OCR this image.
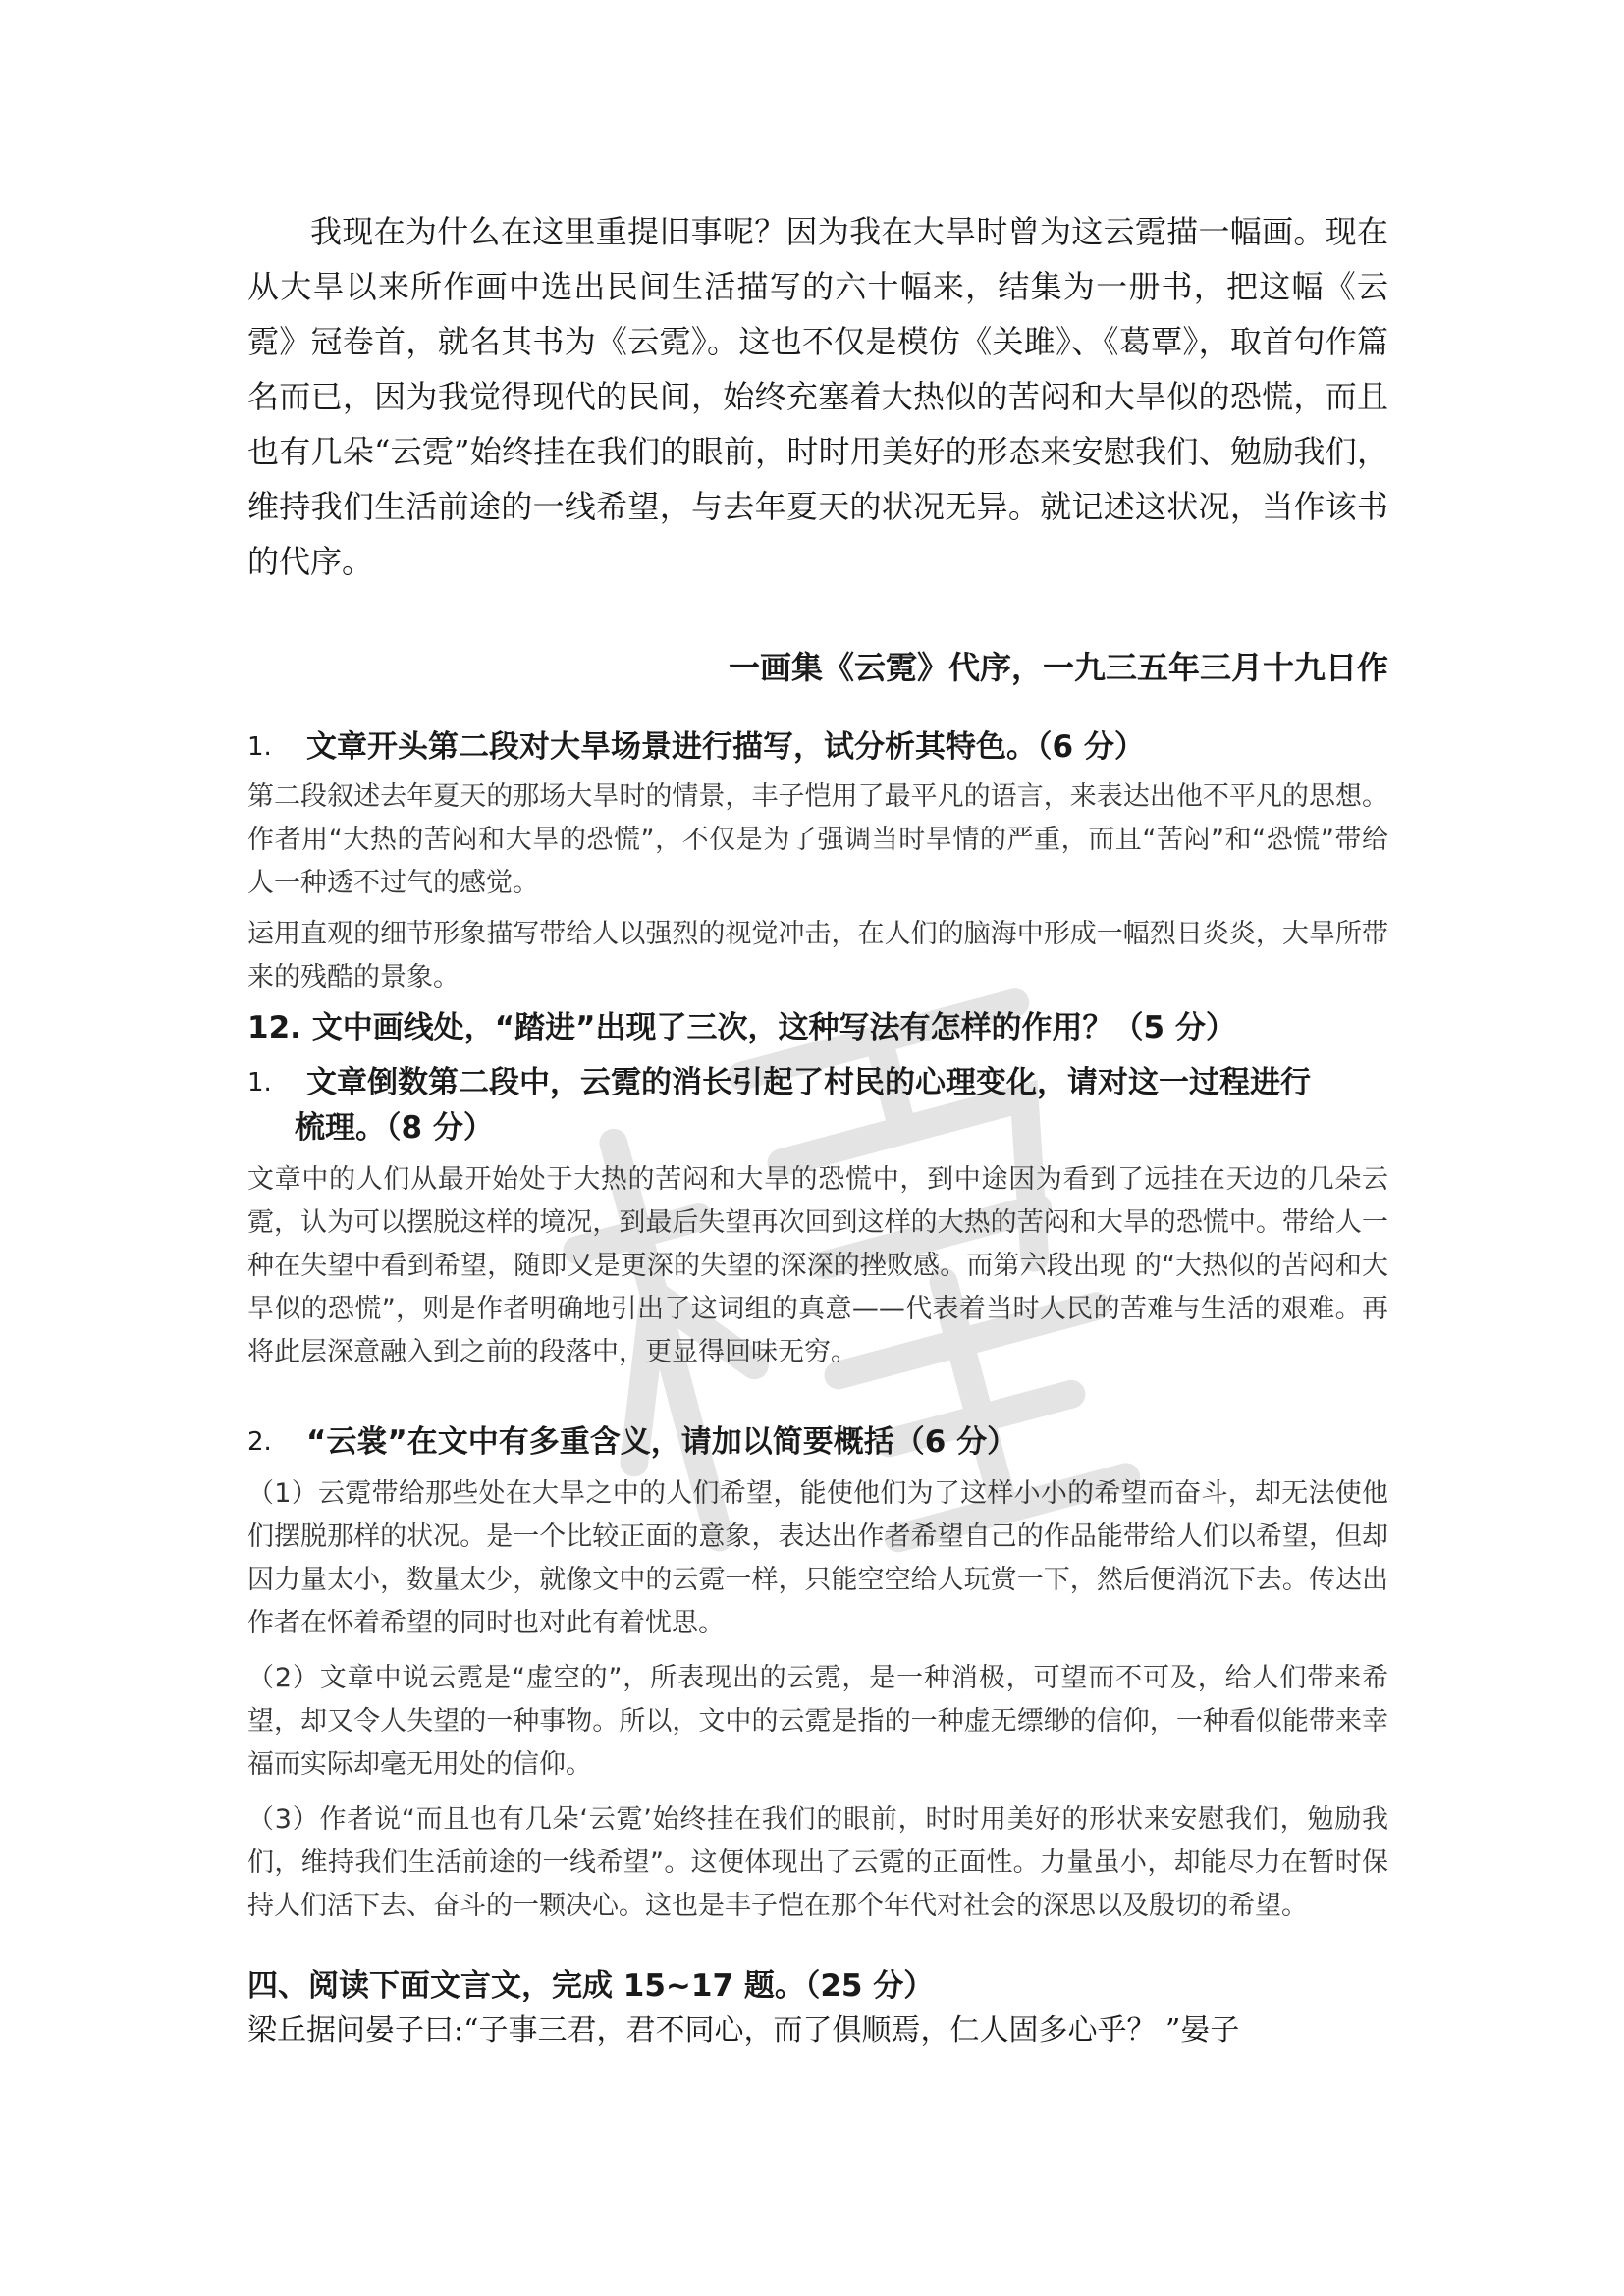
我现在为什么在这里重提旧事呢？因为我在大旱时曾为这云霓描一幅画。现在从大旱以来所作画中选出民间生活描写的六十幅来，结集为一册书，把这幅《云霓》冠卷首，就名其书为《云霓》。这也不仅是模仿《关雎》、《葛覃》，取首句作篇名而已，因为我觉得现代的民间，始终充塞着大热似的苦闷和大旱似的恐慌，而且也有几朵“云霓”始终挂在我们的眼前，时时用美好的形态来安慰我们、勉励我们，维持我们生活前途的一线希望，与去年夏天的状况无异。就记述这状况，当作该书的代序。
一画集《云霓》代序，一九三五年三月十九日作
1.	文章开头第二段对大旱场景进行描写，试分析其特色。（6 分）
第二段叙述去年夏天的那场大旱时的情景，丰子恺用了最平凡的语言，来表达出他不平凡的思想。作者用“大热的苦闷和大旱的恐慌”，不仅是为了强调当时旱情的严重，而且“苦闷”和“恐慌”带给人一种透不过气的感觉。
运用直观的细节形象描写带给人以强烈的视觉冲击，在人们的脑海中形成一幅烈日炎炎，大旱所带来的残酷的景象。
12. 文中画线处，“踏进”出现了三次，这种写法有怎样的作用？（5 分）
1.	文章倒数第二段中，云霓的消长引起了村民的心理变化，请对这一过程进行
梳理。（8 分）
文章中的人们从最开始处于大热的苦闷和大旱的恐慌中，到中途因为看到了远挂在天边的几朵云霓，认为可以摆脱这样的境况，到最后失望再次回到这样的大热的苦闷和大旱的恐慌中。带给人一种在失望中看到希望，随即又是更深的失望的深深的挫败感。而第六段出现 的“大热似的苦闷和大旱似的恐慌”，则是作者明确地引出了这词组的真意——代表着当时人民的苦难与生活的艰难。再将此层深意融入到之前的段落中，更显得回味无穷。
2.	“云裳”在文中有多重含义，请加以简要概括（6 分）
（1）云霓带给那些处在大旱之中的人们希望，能使他们为了这样小小的希望而奋斗，却无法使他们摆脱那样的状况。是一个比较正面的意象，表达出作者希望自己的作品能带给人们以希望，但却因力量太小，数量太少，就像文中的云霓一样，只能空空给人玩赏一下，然后便消沉下去。传达出作者在怀着希望的同时也对此有着忧思。
（2）文章中说云霓是“虚空的”，所表现出的云霓，是一种消极，可望而不可及，给人们带来希望，却又令人失望的一种事物。所以，文中的云霓是指的一种虚无缥缈的信仰，一种看似能带来幸福而实际却毫无用处的信仰。
（3）作者说“而且也有几朵‘云霓’始终挂在我们的眼前，时时用美好的形状来安慰我们，勉励我们，维持我们生活前途的一线希望”。这便体现出了云霓的正面性。力量虽小，却能尽力在暂时保持人们活下去、奋斗的一颗决心。这也是丰子恺在那个年代对社会的深思以及殷切的希望。
四、阅读下面文言文，完成 15~17 题。（25 分）
梁丘据问晏子曰:“子事三君，君不同心，而了俱顺焉，仁人固多心乎？ ”晏子
